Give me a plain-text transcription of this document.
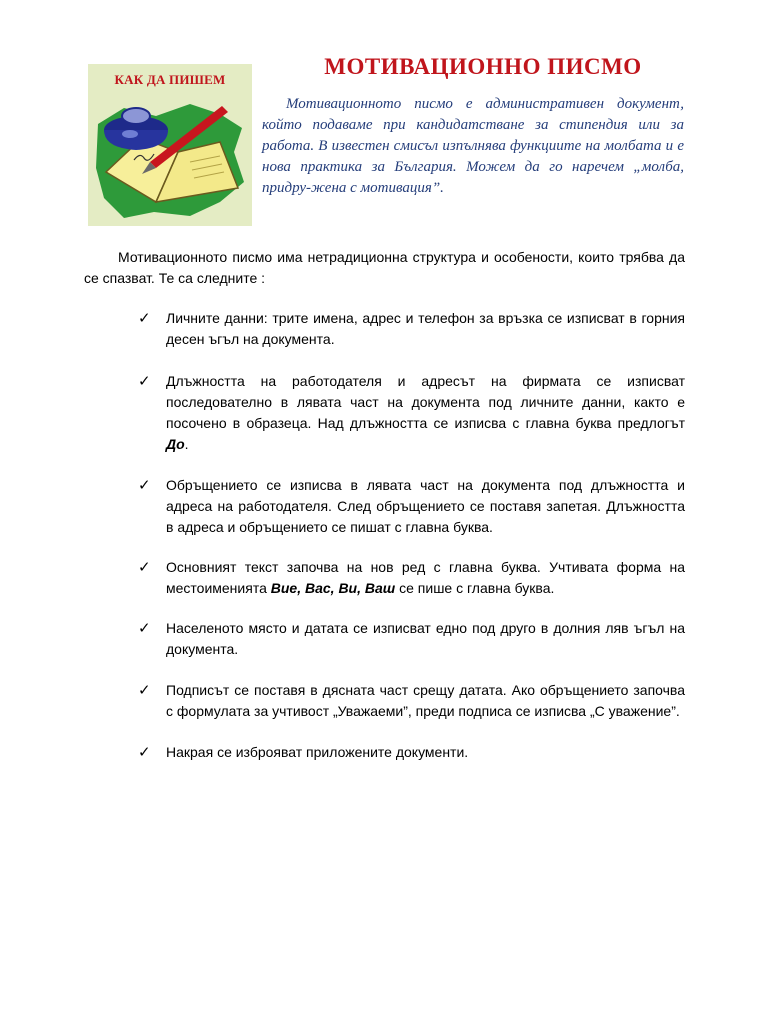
КАК ДА ПИШЕМ
МОТИВАЦИОННО ПИСМО

Мотивационното писмо е административен документ, който подаваме при кандидатстване за стипендия или за работа. В известен смисъл изпълнява функциите на молбата и е нова практика за България. Можем да го наречем „молба, придру-жена с мотивация”.

Мотивационното писмо има нетрадиционна структура и особености, които трябва да се спазват. Те са следните :

✓ Личните данни: трите имена, адрес и телефон за връзка се изписват в горния десен ъгъл на документа.
✓ Длъжността на работодателя и адресът на фирмата се изписват последователно в лявата част на документа под личните данни, както е посочено в образеца. Над длъжността се изписва с главна буква предлогът До.
✓ Обръщението се изписва в лявата част на документа под длъжността и адреса на работодателя. След обръщението се поставя запетая. Длъжността в адреса и обръщението се пишат с главна буква.
✓ Основният текст започва на нов ред с главна буква. Учтивата форма на местоименията Вие, Вас, Ви, Ваш се пише с главна буква.
✓ Населеното място и датата се изписват едно под друго в долния ляв ъгъл на документа.
✓ Подписът се поставя в дясната част срещу датата. Ако обръщението започва с формулата за учтивост „Уважаеми”, преди подписа се изписва „С уважение”.
✓ Накрая се изброяват приложените документи.
